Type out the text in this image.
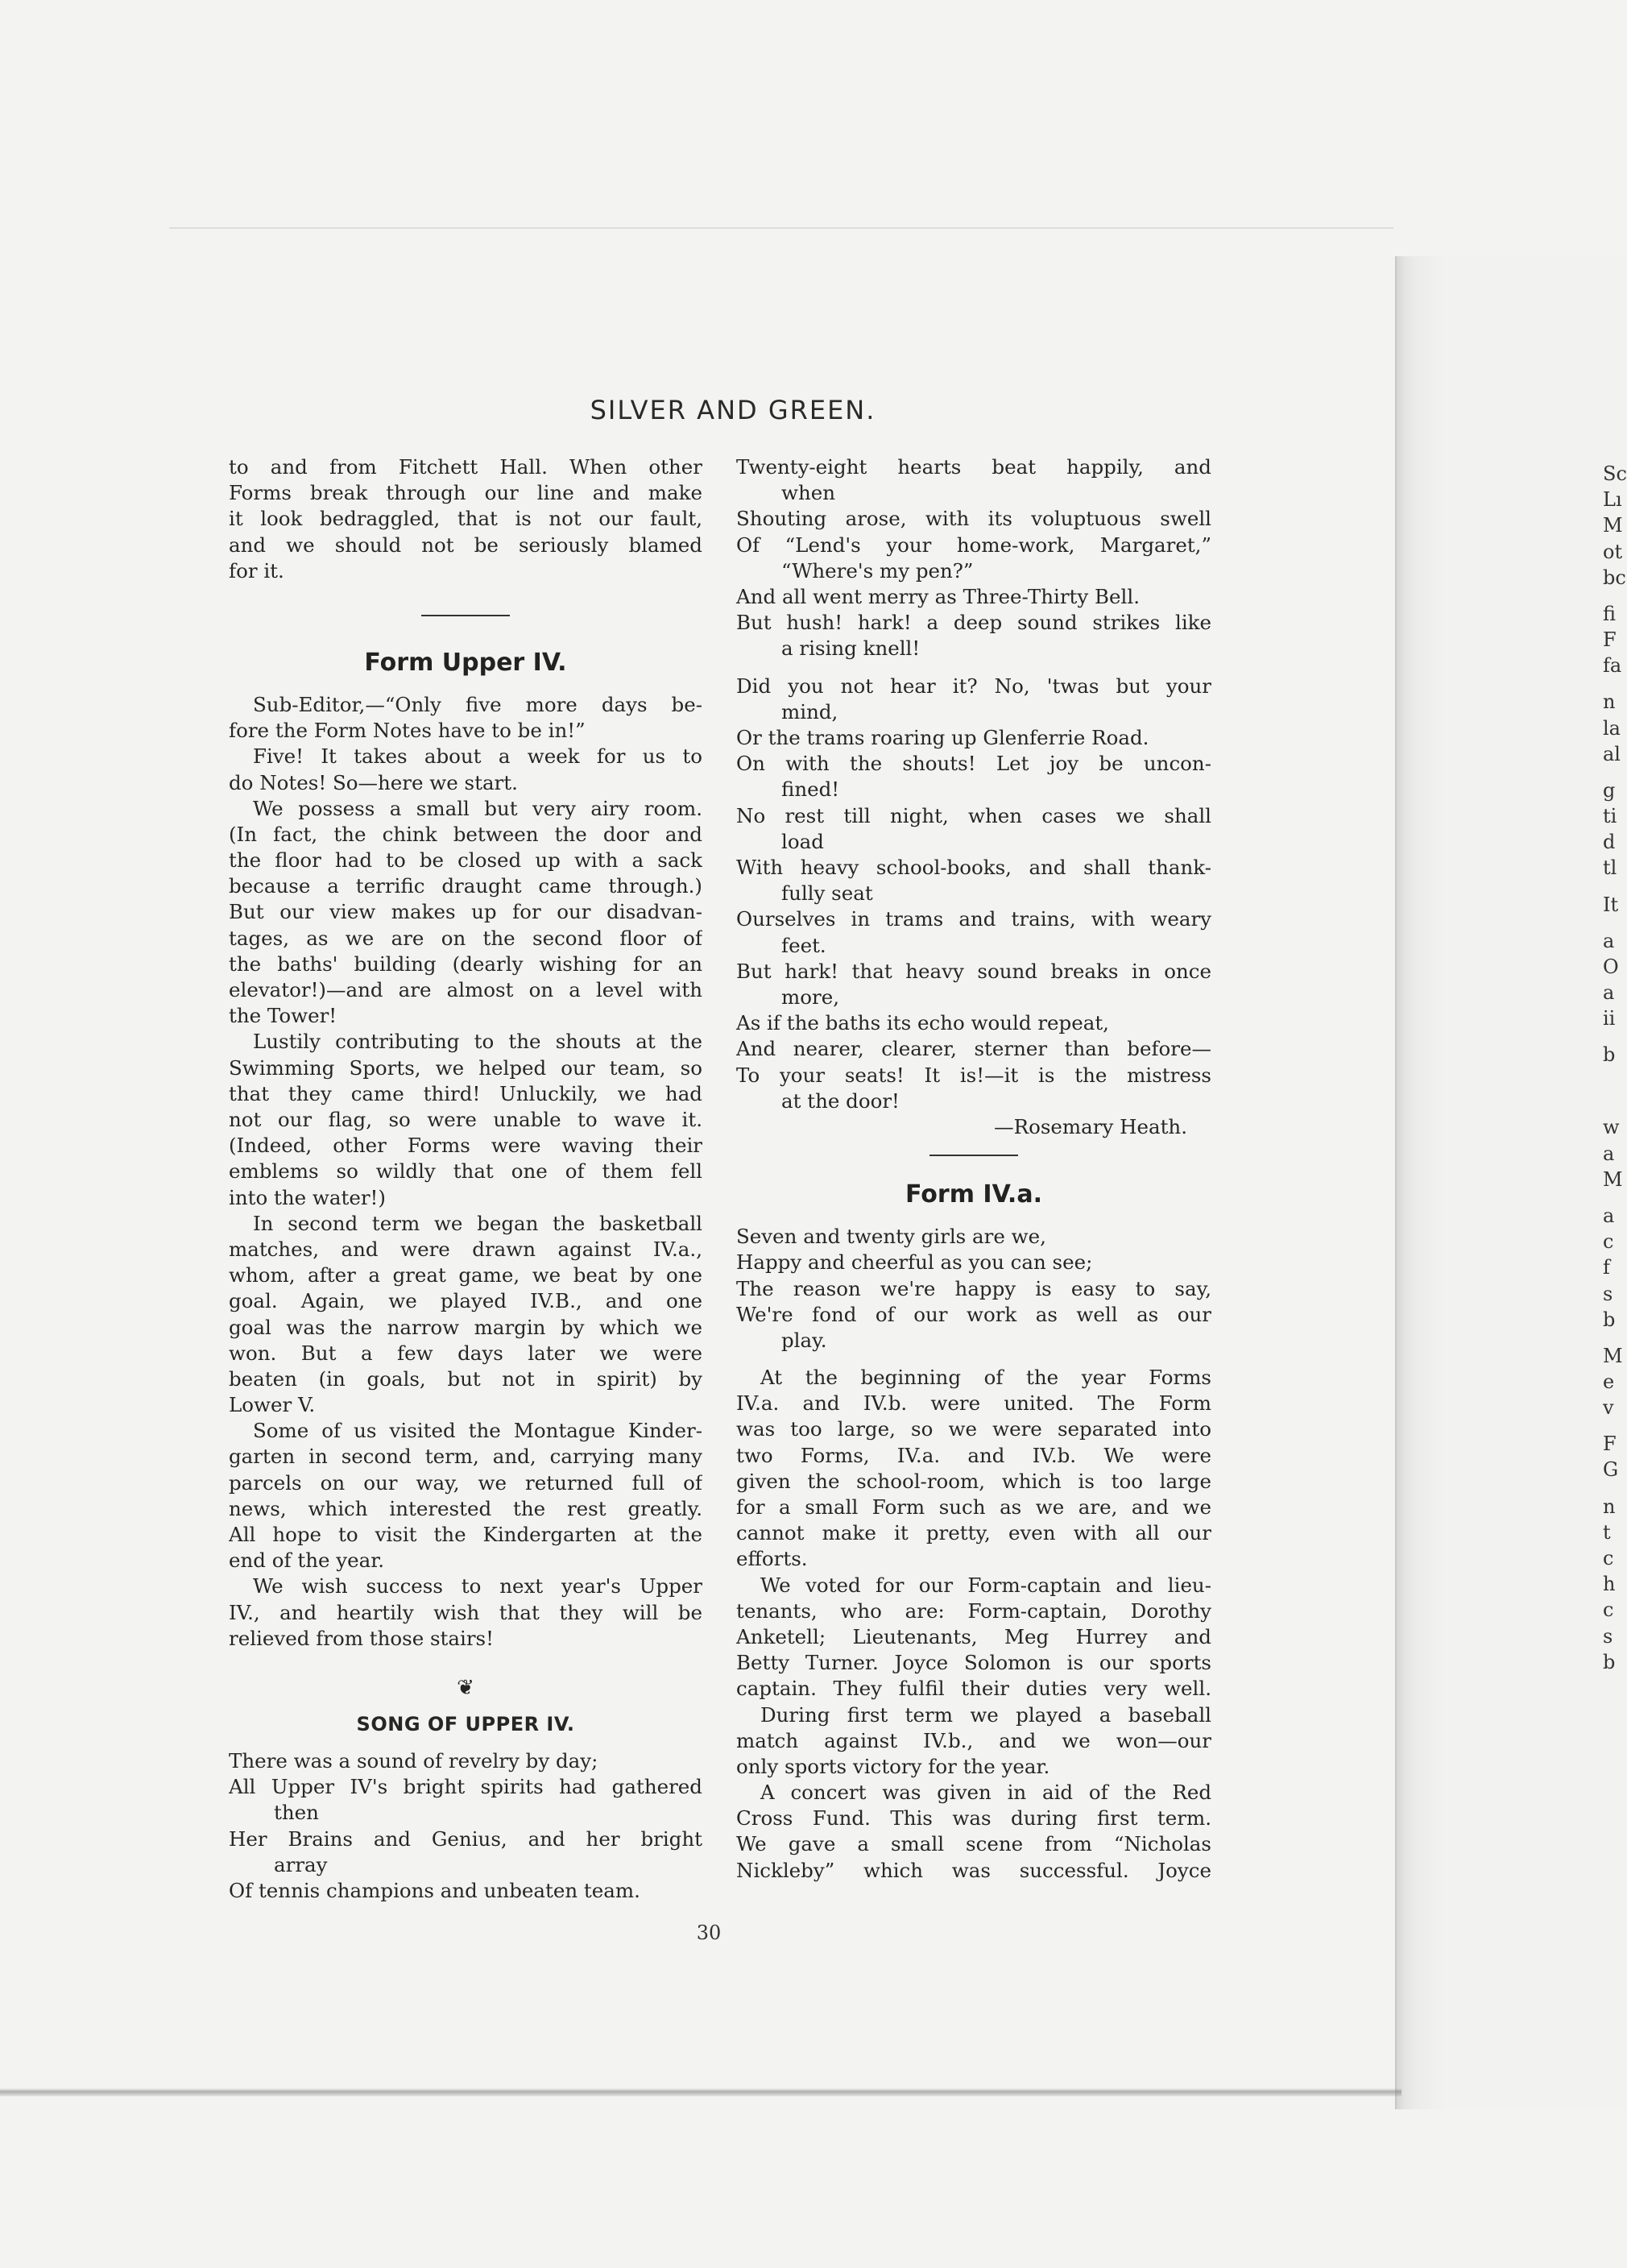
Sc
Lı
M
ot
bc
fi
F
fa
n
la
al
g
ti
d
tl
It
a
O
a
ii
b
w
a
M
a
c
f
s
b
M
e
v
F
G
n
t
c
h
c
s
b
SILVER AND GREEN.
to and from Fitchett Hall. When other
Forms break through our line and make
it look bedraggled, that is not our fault,
and we should not be seriously blamed
for it.
Form Upper IV.
Sub-Editor,—“Only five more days be-
fore the Form Notes have to be in!”
Five! It takes about a week for us to
do Notes! So—here we start.
We possess a small but very airy room.
(In fact, the chink between the door and
the floor had to be closed up with a sack
because a terrific draught came through.)
But our view makes up for our disadvan-
tages, as we are on the second floor of
the baths' building (dearly wishing for an
elevator!)—and are almost on a level with
the Tower!
Lustily contributing to the shouts at the
Swimming Sports, we helped our team, so
that they came third! Unluckily, we had
not our flag, so were unable to wave it.
(Indeed, other Forms were waving their
emblems so wildly that one of them fell
into the water!)
In second term we began the basketball
matches, and were drawn against IV.a.,
whom, after a great game, we beat by one
goal. Again, we played IV.B., and one
goal was the narrow margin by which we
won. But a few days later we were
beaten (in goals, but not in spirit) by
Lower V.
Some of us visited the Montague Kinder-
garten in second term, and, carrying many
parcels on our way, we returned full of
news, which interested the rest greatly.
All hope to visit the Kindergarten at the
end of the year.
We wish success to next year's Upper
IV., and heartily wish that they will be
relieved from those stairs!
❦
SONG OF UPPER IV.
There was a sound of revelry by day;
All Upper IV's bright spirits had gathered
then
Her Brains and Genius, and her bright
array
Of tennis champions and unbeaten team.
Twenty-eight hearts beat happily, and
when
Shouting arose, with its voluptuous swell
Of “Lend's your home-work, Margaret,”
“Where's my pen?”
And all went merry as Three-Thirty Bell.
But hush! hark! a deep sound strikes like
a rising knell!
Did you not hear it? No, 'twas but your
mind,
Or the trams roaring up Glenferrie Road.
On with the shouts! Let joy be uncon-
fined!
No rest till night, when cases we shall
load
With heavy school-books, and shall thank-
fully seat
Ourselves in trams and trains, with weary
feet.
But hark! that heavy sound breaks in once
more,
As if the baths its echo would repeat,
And nearer, clearer, sterner than before—
To your seats! It is!—it is the mistress
at the door!
—Rosemary Heath.
Form IV.a.
Seven and twenty girls are we,
Happy and cheerful as you can see;
The reason we're happy is easy to say,
We're fond of our work as well as our
play.
At the beginning of the year Forms
IV.a. and IV.b. were united. The Form
was too large, so we were separated into
two Forms, IV.a. and IV.b. We were
given the school-room, which is too large
for a small Form such as we are, and we
cannot make it pretty, even with all our
efforts.
We voted for our Form-captain and lieu-
tenants, who are: Form-captain, Dorothy
Anketell; Lieutenants, Meg Hurrey and
Betty Turner. Joyce Solomon is our sports
captain. They fulfil their duties very well.
During first term we played a baseball
match against IV.b., and we won—our
only sports victory for the year.
A concert was given in aid of the Red
Cross Fund. This was during first term.
We gave a small scene from “Nicholas
Nickleby” which was successful. Joyce
30
